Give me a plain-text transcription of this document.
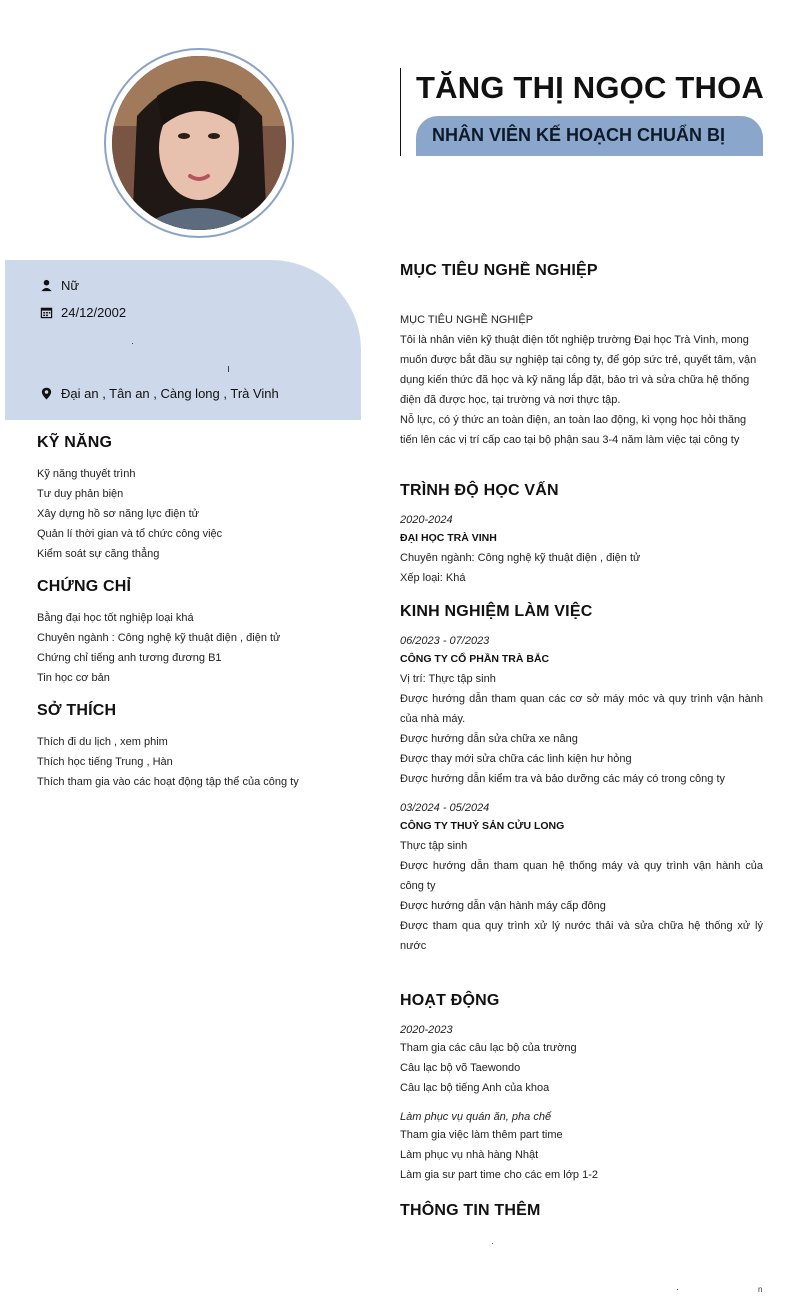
TĂNG THỊ NGỌC THOA
NHÂN VIÊN KẾ HOẠCH CHUẨN BỊ
Nữ
24/12/2002
Đại an , Tân an , Càng long , Trà Vinh
KỸ NĂNG
Kỹ năng thuyết trình
Tư duy phản biện
Xây dựng hồ sơ năng lực điện tử
Quản lí thời gian và tổ chức công việc
Kiểm soát sự căng thẳng
CHỨNG CHỈ
Bằng đại học tốt nghiệp loại khá
Chuyên ngành : Công nghệ kỹ thuật điện , điện tử
Chứng chỉ tiếng anh tương đương B1
Tin học cơ bản
SỞ THÍCH
Thích đi du lịch , xem phim
Thích học tiếng Trung , Hàn
Thích tham gia vào các hoạt động tập thể của công ty
MỤC TIÊU NGHỀ NGHIỆP
MỤC TIÊU NGHỀ NGHIỆP
Tôi là nhân viên kỹ thuật điện tốt nghiệp trường Đại học Trà Vinh, mong muốn được bắt đầu sự nghiệp tại công ty, để góp sức trẻ, quyết tâm, vận dụng kiến thức đã học và kỹ năng lắp đặt, bảo trì và sửa chữa hệ thống điện đã được học, tại trường và nơi thực tập.
Nỗ lực, có ý thức an toàn điện, an toàn lao động, kì vọng học hỏi thăng tiến lên các vị trí cấp cao tại bộ phận sau 3-4 năm làm việc tại công ty
TRÌNH ĐỘ HỌC VẤN
2020-2024
ĐẠI HỌC TRÀ VINH
Chuyên ngành: Công nghệ kỹ thuật điện , điện tử
Xếp loại: Khá
KINH NGHIỆM LÀM VIỆC
06/2023 - 07/2023
CÔNG TY CỔ PHẦN TRÀ BẮC
Vị trí: Thực tập sinh
Được hướng dẫn tham quan các cơ sở máy móc và quy trình vận hành của nhà máy.
Được hướng dẫn sửa chữa xe nâng
Được thay mới sửa chữa các linh kiện hư hỏng
Được hướng dẫn kiểm tra và bảo dưỡng các máy có trong công ty
03/2024 - 05/2024
CÔNG TY THUỶ SẢN CỬU LONG
Thực tập sinh
Được hướng dẫn tham quan hệ thống máy và quy trình vận hành của công ty
Được hướng dẫn vận hành máy cấp đông
Được tham qua quy trình xử lý nước thải và sửa chữa hệ thống xử lý nước
HOẠT ĐỘNG
2020-2023
Tham gia các câu lạc bộ của trường
Câu lạc bộ võ Taewondo
Câu lạc bộ tiếng Anh của khoa
Làm phục vụ quán ăn, pha chế
Tham gia việc làm thêm part time
Làm phục vụ nhà hàng Nhật
Làm gia sư part time cho các em lớp 1-2
THÔNG TIN THÊM
n
